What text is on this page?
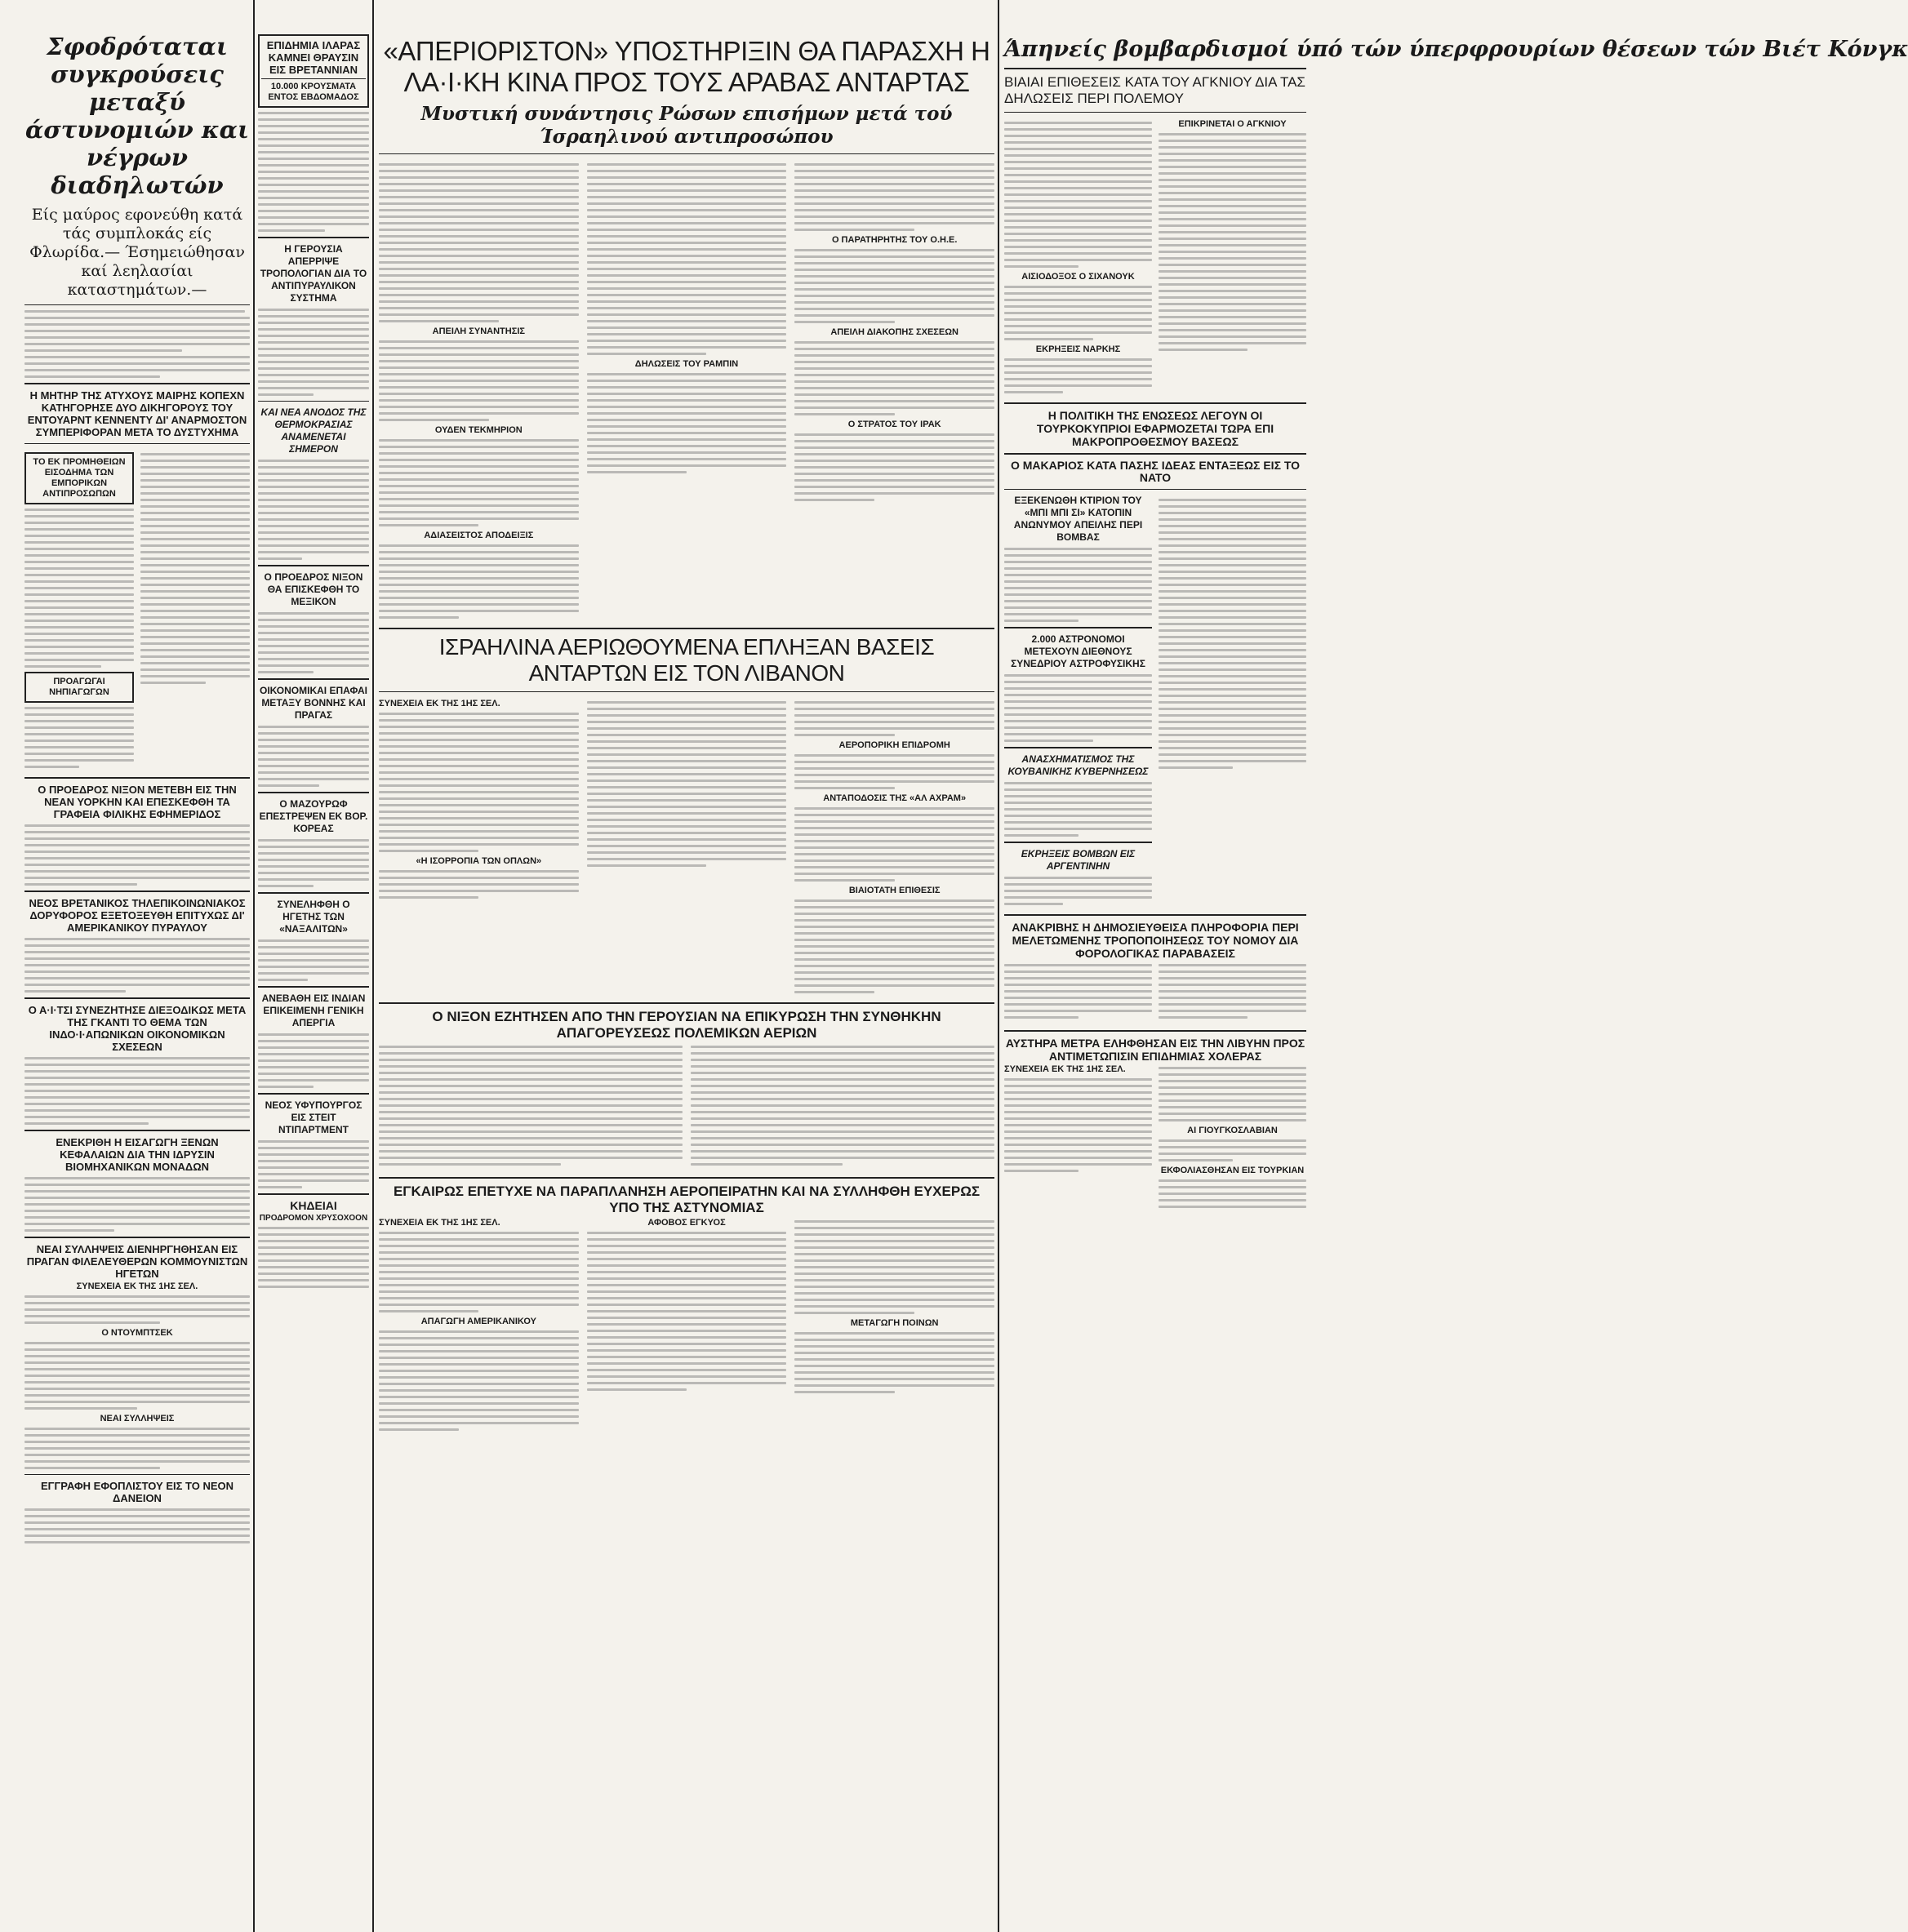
Σφοδρόταται συγκρούσεις μεταξύ άστυνομιών και νέγρων διαδηλωτών
Είς μαύρος εφονεύθη κατά τάς συμπλοκάς είς Φλωρίδα.— Έσημειώθησαν καί λεηλασίαι καταστημάτων.—
Η ΜΗΤΗΡ ΤΗΣ ΑΤΥΧΟΥΣ ΜΑΙΡΗΣ ΚΟΠΕΧΝ ΚΑΤΗΓΟΡΗΣΕ ΔΥΟ ΔΙΚΗΓΟΡΟΥΣ ΤΟΥ ΕΝΤΟΥΑΡΝΤ ΚΕΝΝΕΝΤΥ ΔΙ' ΑΝΑΡΜΟΣΤΟΝ ΣΥΜΠΕΡΙΦΟΡΑΝ ΜΕΤΑ ΤΟ ΔΥΣΤΥΧΗΜΑ
ΤΟ ΕΚ ΠΡΟΜΗΘΕΙΩΝ ΕΙΣΟΔΗΜΑ ΤΩΝ ΕΜΠΟΡΙΚΩΝ ΑΝΤΙΠΡΟΣΩΠΩΝ
ΠΡΟΑΓΩΓΑΙ ΝΗΠΙΑΓΩΓΩΝ
Ο ΠΡΟΕΔΡΟΣ ΝΙΞΟΝ ΜΕΤΕΒΗ ΕΙΣ ΤΗΝ ΝΕΑΝ ΥΟΡΚΗΝ ΚΑΙ ΕΠΕΣΚΕΦΘΗ ΤΑ ΓΡΑΦΕΙΑ ΦΙΛΙΚΗΣ ΕΦΗΜΕΡΙΔΟΣ
ΝΕΟΣ ΒΡΕΤΑΝΙΚΟΣ ΤΗΛΕΠΙΚΟΙΝΩΝΙΑΚΟΣ ΔΟΡΥΦΟΡΟΣ ΕΞΕΤΟΞΕΥΘΗ ΕΠΙΤΥΧΩΣ ΔΙ' ΑΜΕΡΙΚΑΝΙΚΟΥ ΠΥΡΑΥΛΟΥ
Ο Α·Ι·ΤΣΙ ΣΥΝΕΖΗΤΗΣΕ ΔΙΕΞΟΔΙΚΩΣ ΜΕΤΑ ΤΗΣ ΓΚΑΝΤΙ ΤΟ ΘΕΜΑ ΤΩΝ ΙΝΔΟ·Ι·ΑΠΩΝΙΚΩΝ ΟΙΚΟΝΟΜΙΚΩΝ ΣΧΕΣΕΩΝ
ΕΝΕΚΡΙΘΗ Η ΕΙΣΑΓΩΓΗ ΞΕΝΩΝ ΚΕΦΑΛΑΙΩΝ ΔΙΑ ΤΗΝ ΙΔΡΥΣΙΝ ΒΙΟΜΗΧΑΝΙΚΩΝ ΜΟΝΑΔΩΝ
ΝΕΑΙ ΣΥΛΛΗΨΕΙΣ ΔΙΕΝΗΡΓΗΘΗΣΑΝ ΕΙΣ ΠΡΑΓΑΝ ΦΙΛΕΛΕΥΘΕΡΩΝ ΚΟΜΜΟΥΝΙΣΤΩΝ ΗΓΕΤΩΝ
ΣΥΝΕΧΕΙΑ ΕΚ ΤΗΣ 1ΗΣ ΣΕΛ.
Ο ΝΤΟΥΜΠΤΣΕΚ
ΝΕΑΙ ΣΥΛΛΗΨΕΙΣ
ΕΓΓΡΑΦΗ ΕΦΟΠΛΙΣΤΟΥ ΕΙΣ ΤΟ ΝΕΟΝ ΔΑΝΕΙΟΝ
ΕΠΙΔΗΜΙΑ ΙΛΑΡΑΣ ΚΑΜΝΕΙ ΘΡΑΥΣΙΝ ΕΙΣ ΒΡΕΤΑΝΝΙΑΝ
10.000 ΚΡΟΥΣΜΑΤΑ ΕΝΤΟΣ ΕΒΔΟΜΑΔΟΣ
Η ΓΕΡΟΥΣΙΑ ΑΠΕΡΡΙΨΕ ΤΡΟΠΟΛΟΓΙΑΝ ΔΙΑ ΤΟ ΑΝΤΙΠΥΡΑΥΛΙΚΟΝ ΣΥΣΤΗΜΑ
ΚΑΙ ΝΕΑ ΑΝΟΔΟΣ ΤΗΣ ΘΕΡΜΟΚΡΑΣΙΑΣ ΑΝΑΜΕΝΕΤΑΙ ΣΗΜΕΡΟΝ
Ο ΠΡΟΕΔΡΟΣ ΝΙΞΟΝ ΘΑ ΕΠΙΣΚΕΦΘΗ ΤΟ ΜΕΞΙΚΟΝ
ΟΙΚΟΝΟΜΙΚΑΙ ΕΠΑΦΑΙ ΜΕΤΑΞΥ ΒΟΝΝΗΣ ΚΑΙ ΠΡΑΓΑΣ
Ο ΜΑΖΟΥΡΩΦ ΕΠΕΣΤΡΕΨΕΝ ΕΚ ΒΟΡ. ΚΟΡΕΑΣ
ΣΥΝΕΛΗΦΘΗ Ο ΗΓΕΤΗΣ ΤΩΝ «ΝΑΞΑΛΙΤΩΝ»
ΑΝΕΒΑΘΗ ΕΙΣ ΙΝΔΙΑΝ ΕΠΙΚΕΙΜΕΝΗ ΓΕΝΙΚΗ ΑΠΕΡΓΙΑ
ΝΕΟΣ ΥΦΥΠΟΥΡΓΟΣ ΕΙΣ ΣΤΕΙΤ ΝΤΙΠΑΡΤΜΕΝΤ
ΚΗΔΕΙΑΙ
ΠΡΟΔΡΟΜΟΝ ΧΡΥΣΟΧΟΟΝ
«ΑΠΕΡΙΟΡΙΣΤΟΝ» ΥΠΟΣΤΗΡΙΞΙΝ ΘΑ ΠΑΡΑΣΧΗ Η ΛΑ·Ι·ΚΗ ΚΙΝΑ ΠΡΟΣ ΤΟΥΣ ΑΡΑΒΑΣ ΑΝΤΑΡΤΑΣ
Μυστική συνάντησις Ρώσων επισήμων μετά τού Ίσραηλινού αντιπροσώπου
ΑΠΕΙΛΗ ΣΥΝΑΝΤΗΣΙΣ
ΟΥΔΕΝ ΤΕΚΜΗΡΙΟΝ
ΑΔΙΑΣΕΙΣΤΟΣ ΑΠΟΔΕΙΞΙΣ
ΔΗΛΩΣΕΙΣ ΤΟΥ ΡΑΜΠΙΝ
Ο ΠΑΡΑΤΗΡΗΤΗΣ ΤΟΥ Ο.Η.Ε.
ΑΠΕΙΛΗ ΔΙΑΚΟΠΗΣ ΣΧΕΣΕΩΝ
Ο ΣΤΡΑΤΟΣ ΤΟΥ ΙΡΑΚ
ΙΣΡΑΗΛΙΝΑ ΑΕΡΙΩΘΟΥΜΕΝΑ ΕΠΛΗΞΑΝ ΒΑΣΕΙΣ ΑΝΤΑΡΤΩΝ ΕΙΣ ΤΟΝ ΛΙΒΑΝΟΝ
ΣΥΝΕΧΕΙΑ ΕΚ ΤΗΣ 1ΗΣ ΣΕΛ.
«Η ΙΣΟΡΡΟΠΙΑ ΤΩΝ ΟΠΛΩΝ»
ΑΕΡΟΠΟΡΙΚΗ ΕΠΙΔΡΟΜΗ
ΑΝΤΑΠΟΔΟΣΙΣ ΤΗΣ «ΑΛ ΑΧΡΑΜ»
ΒΙΑΙΟΤΑΤΗ ΕΠΙΘΕΣΙΣ
Ο ΝΙΞΟΝ ΕΖΗΤΗΣΕΝ ΑΠΟ ΤΗΝ ΓΕΡΟΥΣΙΑΝ ΝΑ ΕΠΙΚΥΡΩΣΗ ΤΗΝ ΣΥΝΘΗΚΗΝ ΑΠΑΓΟΡΕΥΣΕΩΣ ΠΟΛΕΜΙΚΩΝ ΑΕΡΙΩΝ
ΕΓΚΑΙΡΩΣ ΕΠΕΤΥΧΕ ΝΑ ΠΑΡΑΠΛΑΝΗΣΗ ΑΕΡΟΠΕΙΡΑΤΗΝ ΚΑΙ ΝΑ ΣΥΛΛΗΦΘΗ ΕΥΧΕΡΩΣ ΥΠΟ ΤΗΣ ΑΣΤΥΝΟΜΙΑΣ
ΣΥΝΕΧΕΙΑ ΕΚ ΤΗΣ 1ΗΣ ΣΕΛ.
ΑΠΑΓΩΓΗ ΑΜΕΡΙΚΑΝΙΚΟΥ
ΑΦΟΒΟΣ ΕΓΚΥΟΣ
ΜΕΤΑΓΩΓΗ ΠΟΙΝΩΝ
Άπηνείς βομβαρδισμοί ύπό τών ύπερφρουρίων θέσεων τών Βιέτ Κόνγκ
ΒΙΑΙΑΙ ΕΠΙΘΕΣΕΙΣ ΚΑΤΑ ΤΟΥ ΑΓΚΝΙΟΥ ΔΙΑ ΤΑΣ ΔΗΛΩΣΕΙΣ ΠΕΡΙ ΠΟΛΕΜΟΥ
ΑΙΣΙΟΔΟΞΟΣ Ο ΣΙΧΑΝΟΥΚ
ΕΚΡΗΞΕΙΣ ΝΑΡΚΗΣ
ΕΠΙΚΡΙΝΕΤΑΙ Ο ΑΓΚΝΙΟΥ
Η ΠΟΛΙΤΙΚΗ ΤΗΣ ΕΝΩΣΕΩΣ ΛΕΓΟΥΝ ΟΙ ΤΟΥΡΚΟΚΥΠΡΙΟΙ ΕΦΑΡΜΟΖΕΤΑΙ ΤΩΡΑ ΕΠΙ ΜΑΚΡΟΠΡΟΘΕΣΜΟΥ ΒΑΣΕΩΣ
Ο ΜΑΚΑΡΙΟΣ ΚΑΤΑ ΠΑΣΗΣ ΙΔΕΑΣ ΕΝΤΑΞΕΩΣ ΕΙΣ ΤΟ ΝΑΤΟ
ΕΞΕΚΕΝΩΘΗ ΚΤΙΡΙΟΝ ΤΟΥ «ΜΠΙ ΜΠΙ ΣΙ» ΚΑΤΟΠΙΝ ΑΝΩΝΥΜΟΥ ΑΠΕΙΛΗΣ ΠΕΡΙ ΒΟΜΒΑΣ
2.000 ΑΣΤΡΟΝΟΜΟΙ ΜΕΤΕΧΟΥΝ ΔΙΕΘΝΟΥΣ ΣΥΝΕΔΡΙΟΥ ΑΣΤΡΟΦΥΣΙΚΗΣ
ΑΝΑΣΧΗΜΑΤΙΣΜΟΣ ΤΗΣ ΚΟΥΒΑΝΙΚΗΣ ΚΥΒΕΡΝΗΣΕΩΣ
ΕΚΡΗΞΕΙΣ ΒΟΜΒΩΝ ΕΙΣ ΑΡΓΕΝΤΙΝΗΝ
ΑΝΑΚΡΙΒΗΣ Η ΔΗΜΟΣΙΕΥΘΕΙΣΑ ΠΛΗΡΟΦΟΡΙΑ ΠΕΡΙ ΜΕΛΕΤΩΜΕΝΗΣ ΤΡΟΠΟΠΟΙΗΣΕΩΣ ΤΟΥ ΝΟΜΟΥ ΔΙΑ ΦΟΡΟΛΟΓΙΚΑΣ ΠΑΡΑΒΑΣΕΙΣ
ΑΥΣΤΗΡΑ ΜΕΤΡΑ ΕΛΗΦΘΗΣΑΝ ΕΙΣ ΤΗΝ ΛΙΒΥΗΝ ΠΡΟΣ ΑΝΤΙΜΕΤΩΠΙΣΙΝ ΕΠΙΔΗΜΙΑΣ ΧΟΛΕΡΑΣ
ΣΥΝΕΧΕΙΑ ΕΚ ΤΗΣ 1ΗΣ ΣΕΛ.
ΑΙ ΓΙΟΥΓΚΟΣΛΑΒΙΑΝ
ΕΚΦΟΛΙΑΣΘΗΣΑΝ ΕΙΣ ΤΟΥΡΚΙΑΝ
